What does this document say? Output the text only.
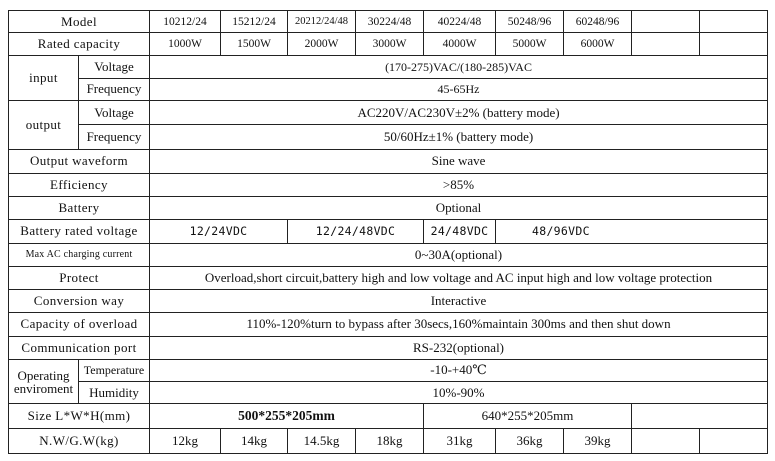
Model		10212/24	15212/24	20212/24/48	30224/48	40224/48	50248/96	60248/96		
Rated capacity		1000W	1500W	2000W	3000W	4000W	5000W	6000W		
input	Voltage	(170-275)VAC/(180-285)VAC								
	Frequency	45-65Hz								
output	Voltage	AC220V/AC230V±2% (battery mode)								
	Frequency	50/60Hz±1% (battery mode)								
Output waveform		Sine wave								
Efficiency		>85%								
Battery		Optional								
Battery rated voltage		12/24VDC		12/24/48VDC		24/48VDC	48/96VDC			
Max AC charging current		0~30A(optional)								
Protect		Overload,short circuit,battery high and low voltage and AC input high and low voltage protection								
Conversion way		Interactive								
Capacity of overload		110%-120%turn to bypass after 30secs,160%maintain 300ms and then shut down								
Communication port		RS-232(optional)								
Operating enviroment	Temperature	-10-+40℃								
	Humidity	10%-90%								
Size L*W*H(mm)		500*255*205mm				640*255*205mm				
N.W/G.W(kg)		12kg	14kg	14.5kg	18kg	31kg	36kg	39kg		
